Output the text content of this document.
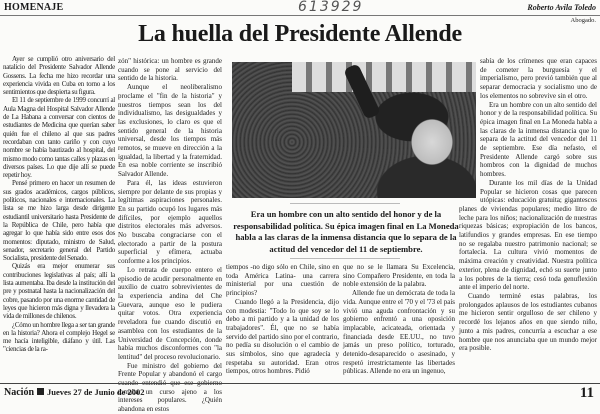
HOMENAJE	613929	Roberto Avila Toledo
Abogado.
La huella del Presidente Allende

Ayer se cumplió otro aniversario del natalicio del Presidente Salvador Allende Gossens. La fecha me hizo recordar una experiencia vivida en Cuba en torno a los sentimientos que despierta su figura.

El 11 de septiembre de 1999 concurrí al Aula Magna del Hospital Salvador Allende de La Habana a conversar con cientos de estudiantes de Medicina que querían saber quién fue el chileno al que sus padres recordaban con tanto cariño y con cuyo nombre se había bautizado al hospital, del mismo modo como tantas calles y plazas en diversos países. Lo que dije allí se puede repetir hoy.

Pensé primero en hacer un resumen de sus grados académicos, cargos públicos, políticos, nacionales e internacionales. La lista se me hizo larga desde dirigente estudiantil universitario hasta Presidente de la República de Chile, pero había que agregar lo que había sido entre esos dos momentos: diputado, ministro de Salud, senador, secretario general del Partido Socialista, presidente del Senado.

Quizás era mejor enumerar sus contribuciones legislativas al país; allí la lista aumentaba. Iba desde la institución del pre y postnatal hasta la nacionalización del cobre, pasando por una enorme cantidad de leyes que hicieron más digna y llevadera la vida de millones de chilenos.

¿Cómo un hombre llega a ser tan grande en la historia? Ahora el complejo Hegel se me hacía inteligible, diáfano y útil. Las "ciencias de la ra-

zón" histórica: un hombre es grande cuando se pone al servicio del sentido de la historia.

Aunque el neoliberalismo proclame el "fin de la historia" y nuestros tiempos sean los del individualismo, las desigualdades y las exclusiones, lo claro es que el sentido general de la historia universal, desde los tiempos más remotos, se mueve en dirección a la igualdad, la libertad y la fraternidad. En esa noble corriente se inscribió Salvador Allende.

Para él, las ideas estuvieron siempre por delante de sus propias y legítimas aspiraciones personales. En su partido ocupó los lugares más difíciles, por ejemplo aquellos distritos electorales más adversos. No buscaba congraciarse con el electorado a partir de la postura superficial y efímera, actuaba conforme a los principios.

Lo retrata de cuerpo entero el episodio de acudir personalmente en auxilio de cuatro sobrevivientes de la experiencia andina del Che Guevara, aunque eso le pudiera quitar votos. Otra experiencia reveladora fue cuando discutió en asamblea con los estudiantes de la Universidad de Concepción, donde había muchos disconformes con "la lentitud" del proceso revolucionario.

Fue ministro del gobierno del Frente Popular y abandonó el cargo cuando entendió que ese gobierno tomaba un curso ajeno a los intereses populares. ¿Quién abandona en estos

Era un hombre con un alto sentido del honor y de la responsabilidad política. Su épica imagen final en La Moneda habla a las claras de la inmensa distancia que lo separa de la actitud del vencedor del 11 de septiembre.

tiempos -no digo sólo en Chile, sino en toda América Latina- una carrera ministerial por una cuestión de principios?

Cuando llegó a la Presidencia, dijo con modestia: "Todo lo que soy se lo debo a mi partido y a la unidad de los trabajadores". Él, que no se había servido del partido sino por el contrario, no pedía su disolución o el cambio de sus símbolos, sino que agradecía y respetaba su autoridad. Eran otros tiempos, otros hombres. Pidió

que no se le llamara Su Excelencia, sino Compañero Presidente, en toda la noble extensión de la palabra.

Allende fue un demócrata de toda la vida. Aunque entre el '70 y el '73 el país vivió una aguda confrontación y su gobierno enfrentó a una oposición implacable, acicateada, orientada y financiada desde EE.UU., no tuvo jamás un preso político, torturado, detenido-desaparecido o asesinado, y respetó irrestrictamente las libertades públicas. Allende no era un ingenuo,

sabía de los crímenes que eran capaces de cometer la burguesía y el imperialismo, pero previó también que al separar democracia y socialismo uno de los elementos no sobrevive sin el otro.

Era un hombre con un alto sentido del honor y de la responsabilidad política. Su épica imagen final en La Moneda habla a las claras de la inmensa distancia que lo separa de la actitud del vencedor del 11 de septiembre. Ese día nefasto, el Presidente Allende cargó sobre sus hombros con la dignidad de muchos hombres.

Durante los mil días de la Unidad Popular se hicieron cosas que parecen utópicas: educación gratuita; gigantescos planes de viviendas populares; medio litro de leche para los niños; nacionalización de nuestras riquezas básicas; expropiación de los bancos, latifundios y grandes empresas. En ese tiempo no se regalaba nuestro patrimonio nacional; se fortalecía. La cultura vivió momentos de máxima creación y creatividad. Nuestra política exterior, plena de dignidad, echó su suerte junto a los pobres de la tierra; cesó toda genuflexión ante el imperio del norte.

Cuando terminé estas palabras, los prolongados aplausos de los estudiantes cubanos me hicieron sentir orgulloso de ser chileno y recordé los lejanos años en que siendo niño, junto a mis padres, concurría a escuchar a ese hombre que nos anunciaba que un mundo mejor era posible.

Nación Jueves 27 de Junio de 2002	11
